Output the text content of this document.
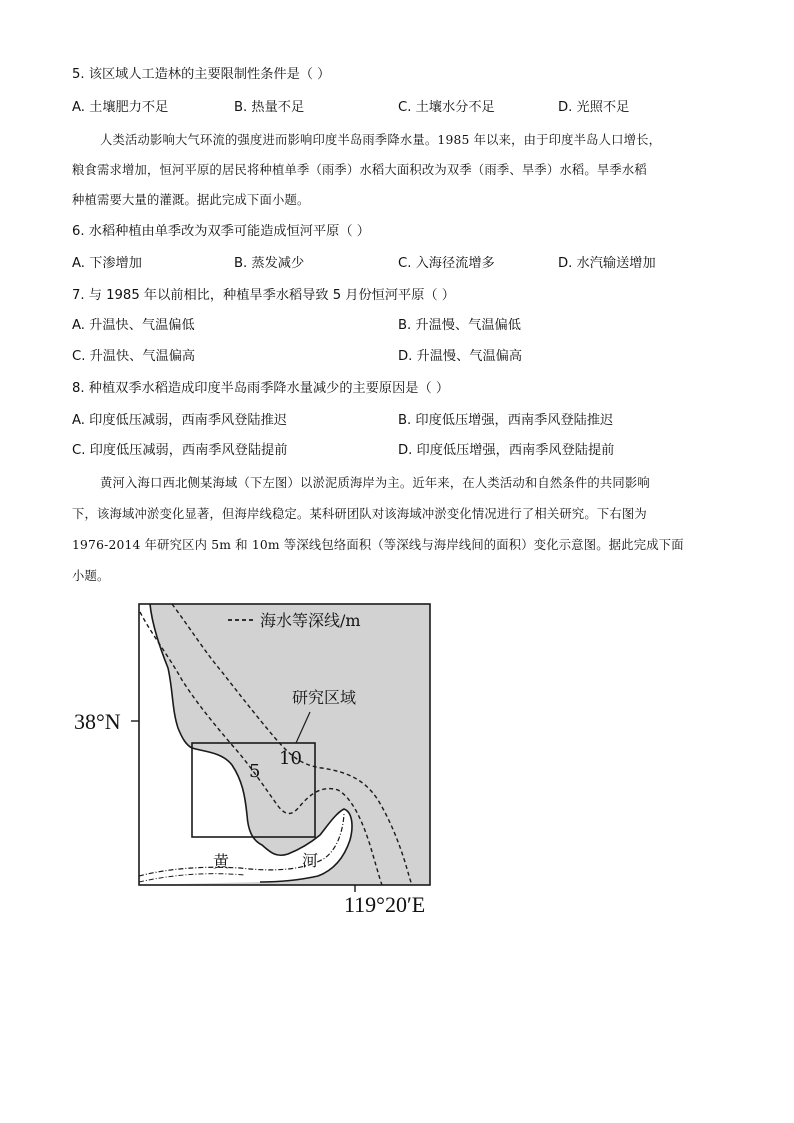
5. 该区域人工造林的主要限制性条件是（ ）
A. 土壤肥力不足	B. 热量不足	C. 土壤水分不足	D. 光照不足
人类活动影响大气环流的强度进而影响印度半岛雨季降水量。1985 年以来，由于印度半岛人口增长，
粮食需求增加，恒河平原的居民将种植单季（雨季）水稻大面积改为双季（雨季、旱季）水稻。旱季水稻
种植需要大量的灌溉。据此完成下面小题。
6. 水稻种植由单季改为双季可能造成恒河平原（ ）
A. 下渗增加	B. 蒸发减少	C. 入海径流增多	D. 水汽输送增加
7. 与 1985 年以前相比，种植旱季水稻导致 5 月份恒河平原（ ）
A. 升温快、气温偏低	B. 升温慢、气温偏低
C. 升温快、气温偏高	D. 升温慢、气温偏高
8. 种植双季水稻造成印度半岛雨季降水量减少的主要原因是（ ）
A. 印度低压减弱，西南季风登陆推迟	B. 印度低压增强，西南季风登陆推迟
C. 印度低压减弱，西南季风登陆提前	D. 印度低压增强，西南季风登陆提前
黄河入海口西北侧某海域（下左图）以淤泥质海岸为主。近年来，在人类活动和自然条件的共同影响
下，该海域冲淤变化显著，但海岸线稳定。某科研团队对该海域冲淤变化情况进行了相关研究。下右图为
1976-2014 年研究区内 5m 和 10m 等深线包络面积（等深线与海岸线间的面积）变化示意图。据此完成下面
小题。
海水等深线/m
研究区域
5
10
黄	河
38°N
119°20′E
